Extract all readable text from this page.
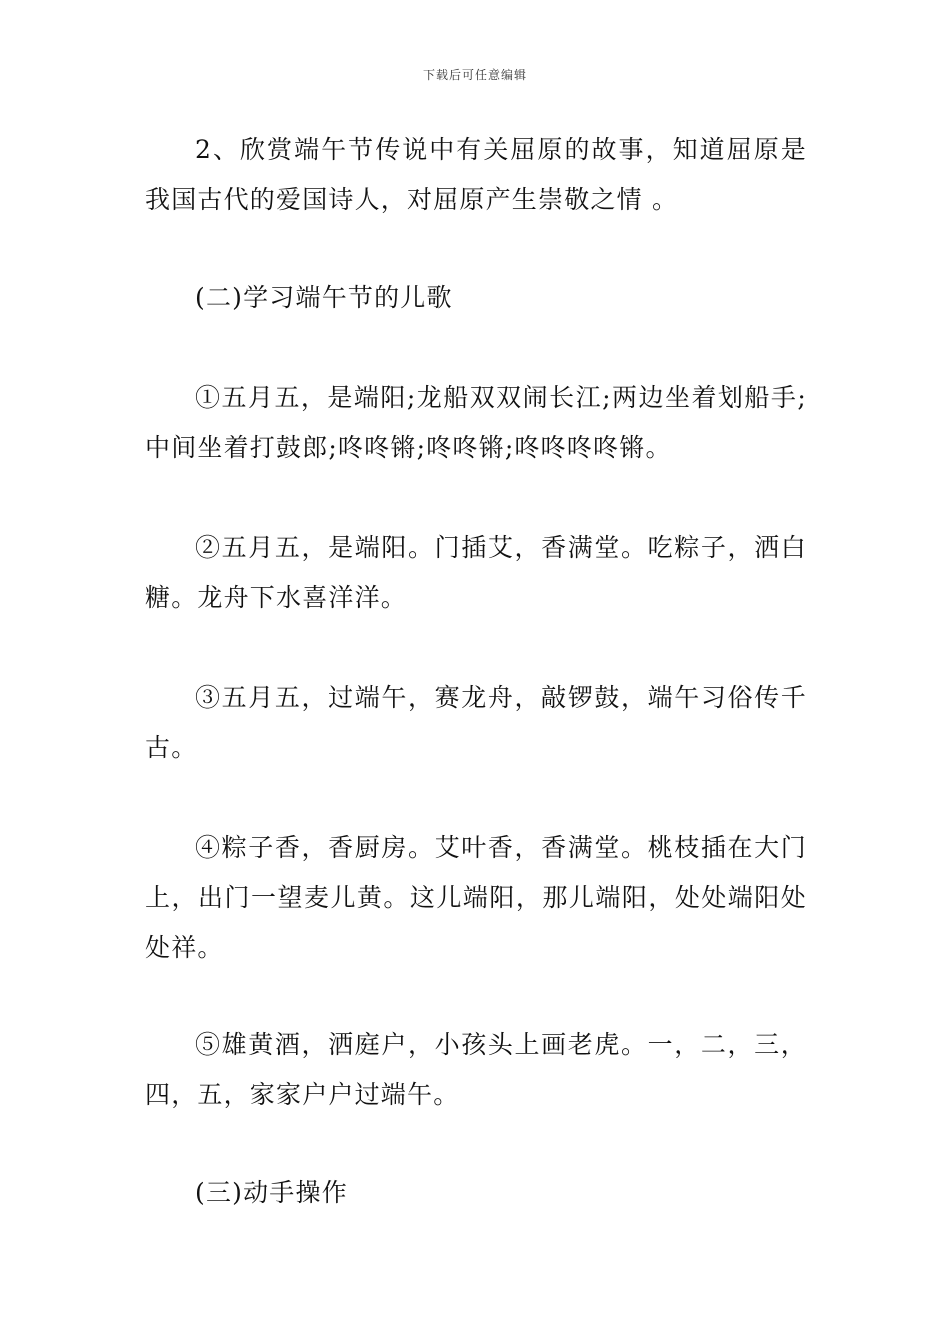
下载后可任意编辑

2、欣赏端午节传说中有关屈原的故事，知道屈原是我国古代的爱国诗人，对屈原产生崇敬之情 。

(二)学习端午节的儿歌

①五月五，是端阳;龙船双双闹长江;两边坐着划船手;中间坐着打鼓郎;咚咚锵;咚咚锵;咚咚咚咚锵。

②五月五，是端阳。门插艾，香满堂。吃粽子，洒白糖。龙舟下水喜洋洋。

③五月五，过端午，赛龙舟，敲锣鼓，端午习俗传千古。

④粽子香，香厨房。艾叶香，香满堂。桃枝插在大门上，出门一望麦儿黄。这儿端阳，那儿端阳，处处端阳处处祥。

⑤雄黄酒，洒庭户，小孩头上画老虎。一，二，三，四，五，家家户户过端午。

(三)动手操作
